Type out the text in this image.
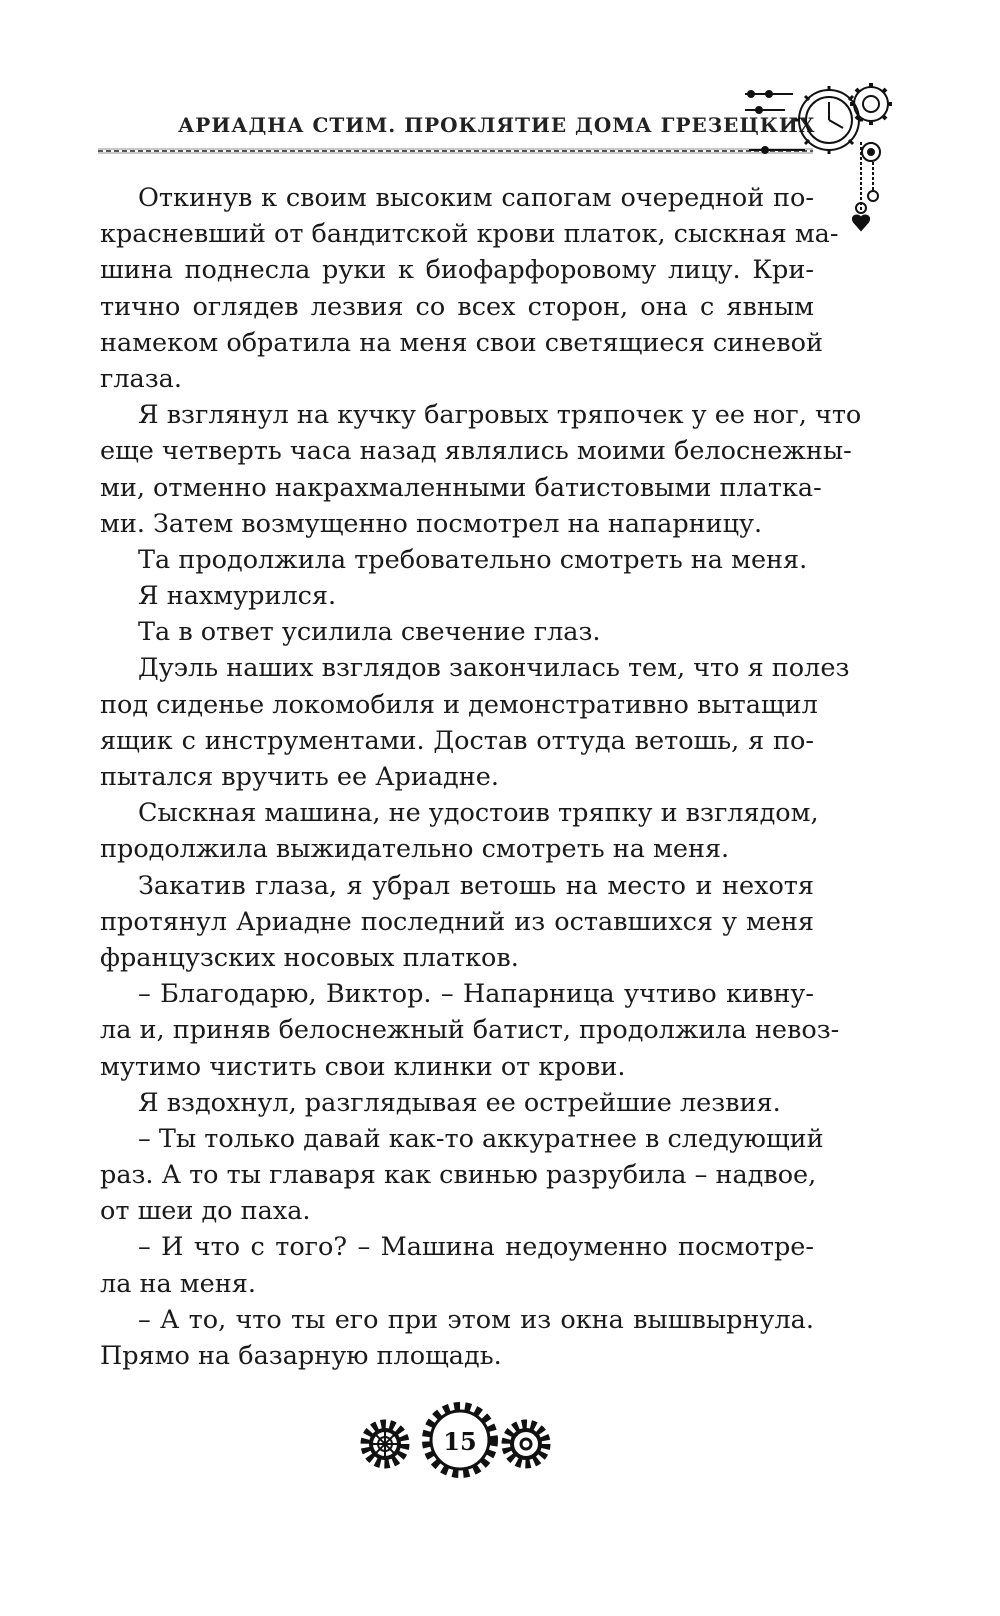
АРИАДНА СТИМ. ПРОКЛЯТИЕ ДОМА ГРЕЗЕЦКИХ
Откинув к своим высоким сапогам очередной по-
красневший от бандитской крови платок, сыскная ма-
шина поднесла руки к биофарфоровому лицу. Кри-
тично оглядев лезвия со всех сторон, она с явным
намеком обратила на меня свои светящиеся синевой
глаза.
Я взглянул на кучку багровых тряпочек у ее ног, что
еще четверть часа назад являлись моими белоснежны-
ми, отменно накрахмаленными батистовыми платка-
ми. Затем возмущенно посмотрел на напарницу.
Та продолжила требовательно смотреть на меня.
Я нахмурился.
Та в ответ усилила свечение глаз.
Дуэль наших взглядов закончилась тем, что я полез
под сиденье локомобиля и демонстративно вытащил
ящик с инструментами. Достав оттуда ветошь, я по-
пытался вручить ее Ариадне.
Сыскная машина, не удостоив тряпку и взглядом,
продолжила выжидательно смотреть на меня.
Закатив глаза, я убрал ветошь на место и нехотя
протянул Ариадне последний из оставшихся у меня
французских носовых платков.
– Благодарю, Виктор. – Напарница учтиво кивну-
ла и, приняв белоснежный батист, продолжила невоз-
мутимо чистить свои клинки от крови.
Я вздохнул, разглядывая ее острейшие лезвия.
– Ты только давай как-то аккуратнее в следующий
раз. А то ты главаря как свинью разрубила – надвое,
от шеи до паха.
– И что с того? – Машина недоуменно посмотре-
ла на меня.
– А то, что ты его при этом из окна вышвырнула.
Прямо на базарную площадь.
15
